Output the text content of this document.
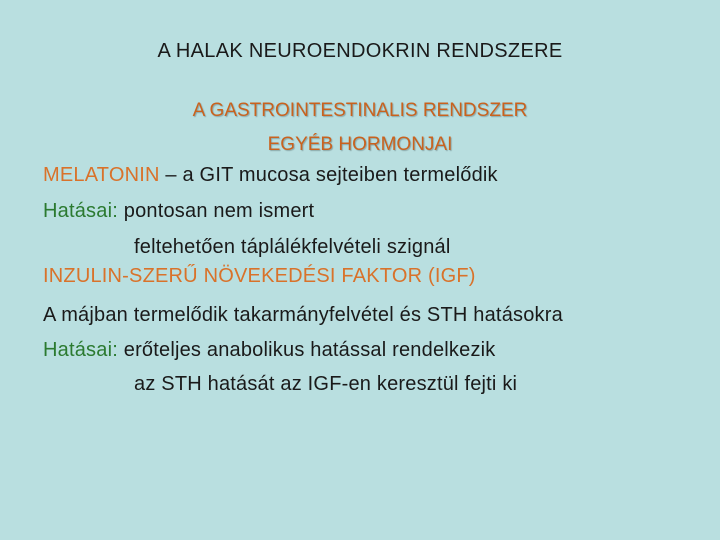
A HALAK NEUROENDOKRIN RENDSZERE
A GASTROINTESTINALIS RENDSZER
EGYÉB HORMONJAI
MELATONIN – a GIT mucosa sejteiben termelődik
Hatásai: pontosan nem ismert
feltehetően táplálékfelvételi szignál
INZULIN-SZERŰ NÖVEKEDÉSI FAKTOR (IGF)
A májban termelődik takarmányfelvétel és STH hatásokra
Hatásai: erőteljes anabolikus hatással rendelkezik
az STH hatását az IGF-en keresztül fejti ki
